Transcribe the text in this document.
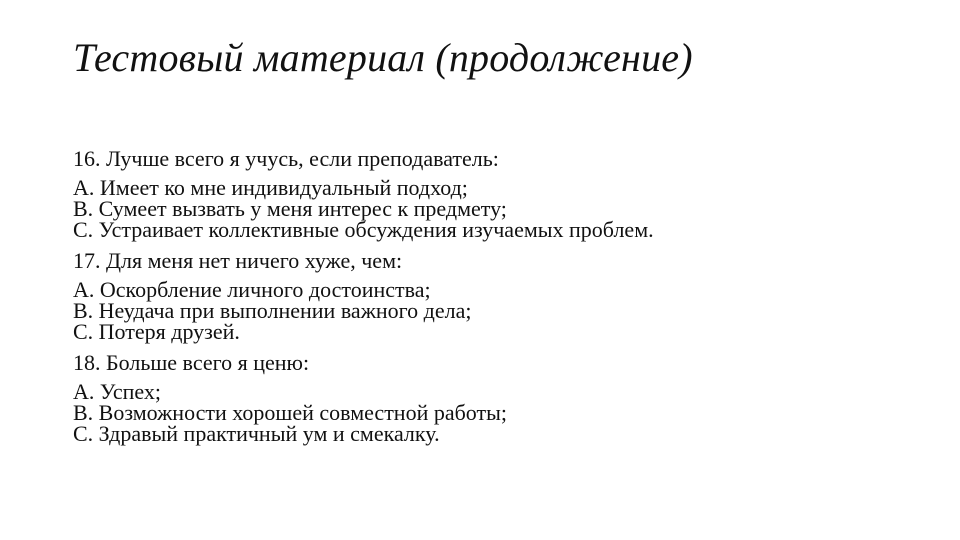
Тестовый материал (продолжение)
16. Лучше всего я учусь, если преподаватель:
A. Имеет ко мне индивидуальный подход;
B. Сумеет вызвать у меня интерес к предмету;
C. Устраивает коллективные обсуждения изучаемых проблем.
17. Для меня нет ничего хуже, чем:
A. Оскорбление личного достоинства;
B. Неудача при выполнении важного дела;
C. Потеря друзей.
18. Больше всего я ценю:
A. Успех;
B. Возможности хорошей совместной работы;
C. Здравый практичный ум и смекалку.
